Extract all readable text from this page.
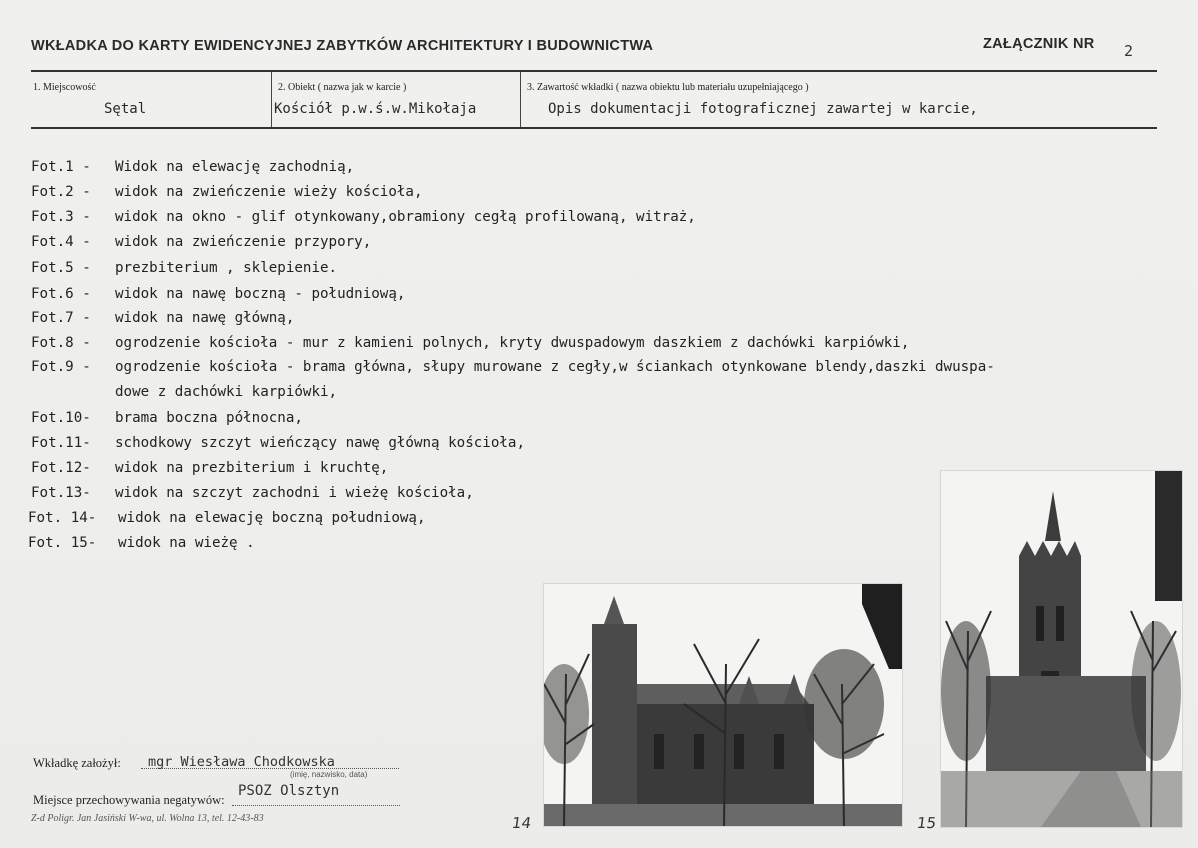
WKŁADKA DO KARTY EWIDENCYJNEJ ZABYTKÓW ARCHITEKTURY I BUDOWNICTWA	ZAŁĄCZNIK NR 2
1. Miejscowość
Sętal
2. Obiekt ( nazwa jak w karcie )
Kościół p.w.ś.w.Mikołaja
3. Zawartość wkładki ( nazwa obiektu lub materiału uzupełniającego )
Opis dokumentacji fotograficznej zawartej w karcie,
Fot.1 - Widok na elewację zachodnią,
Fot.2 - widok na zwieńczenie wieży kościoła,
Fot.3 - widok na okno - glif otynkowany,obramiony cegłą profilowaną, witraż,
Fot.4 - widok na zwieńczenie przypory,
Fot.5 - prezbiterium , sklepienie.
Fot.6 - widok na nawę boczną - południową,
Fot.7 - widok na nawę główną,
Fot.8 - ogrodzenie kościoła - mur z kamieni polnych, kryty dwuspadowym daszkiem z dachówki karpiówki,
Fot.9 - ogrodzenie kościoła - brama główna, słupy murowane z cegły,w ściankach otynkowane blendy,daszki dwuspa-
dowe z dachówki karpiówki,
Fot.10- brama boczna północna,
Fot.11- schodkowy szczyt wieńczący nawę główną kościoła,
Fot.12- widok na prezbiterium i kruchtę,
Fot.13- widok na szczyt zachodni i wieżę kościoła,
Fot. 14- widok na elewację boczną południową,
Fot. 15- widok na wieżę .
Wkładkę założył: mgr Wiesława Chodkowska
(imię, nazwisko, data)
Miejsce przechowywania negatywów:
PSOZ Olsztyn
Z-d Poligr. Jan Jasiński W-wa, ul. Wolna 13, tel. 12-43-83	14	15
